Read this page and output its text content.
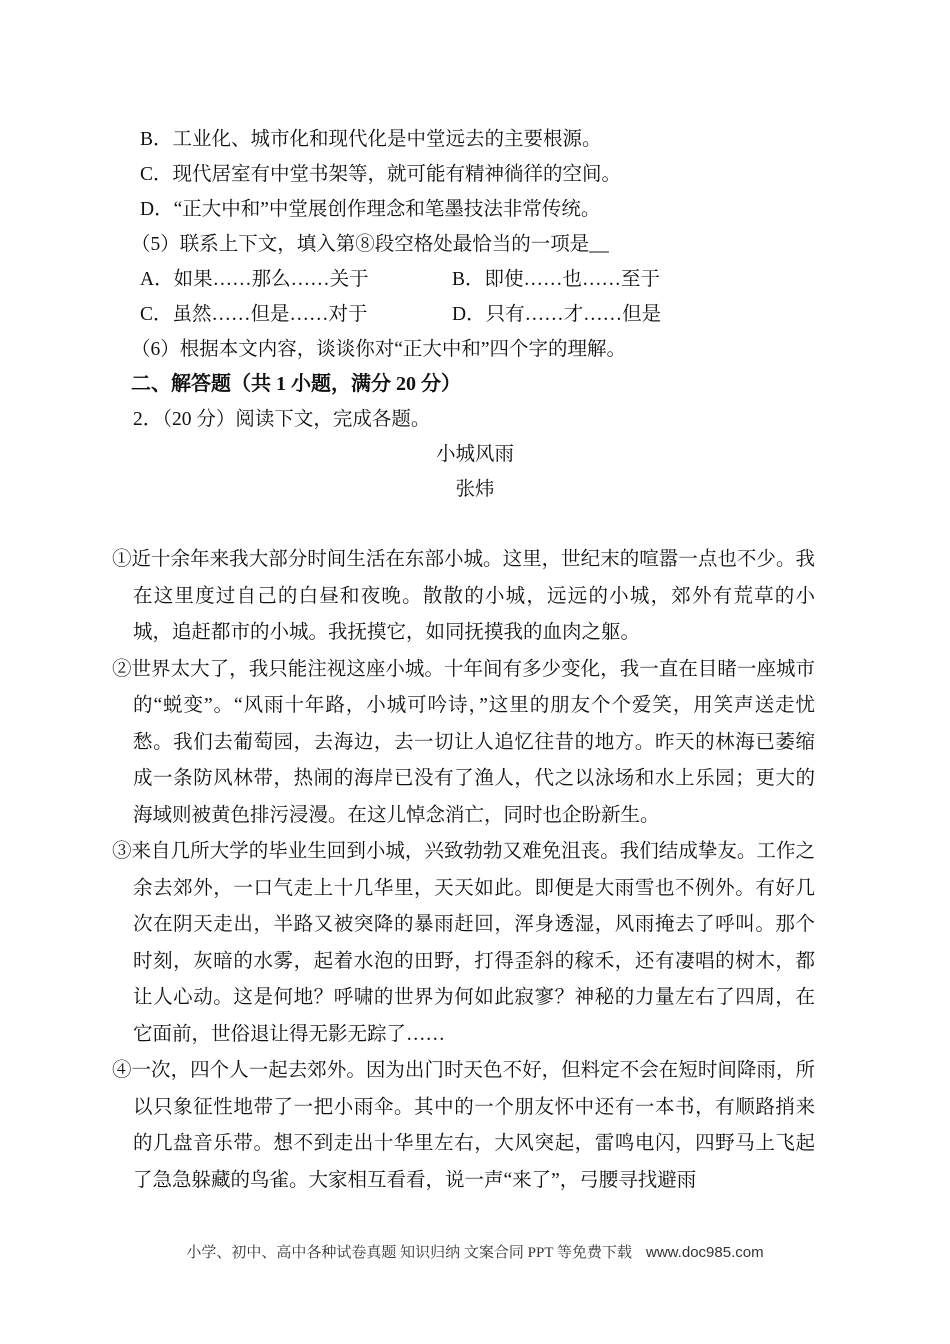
B．工业化、城市化和现代化是中堂远去的主要根源。
C．现代居室有中堂书架等，就可能有精神徜徉的空间。
D．“正大中和”中堂展创作理念和笔墨技法非常传统。
（5）联系上下文，填入第⑧段空格处最恰当的一项是__
A．如果……那么……关于	B．即使……也……至于
C．虽然……但是……对于	D．只有……才……但是
（6）根据本文内容，谈谈你对“正大中和”四个字的理解。
二、解答题（共 1 小题，满分 20 分）
2．（20 分）阅读下文，完成各题。
小城风雨
张炜

①近十余年来我大部分时间生活在东部小城。这里，世纪末的喧嚣一点也不少。我在这里度过自己的白昼和夜晚。散散的小城，远远的小城，郊外有荒草的小城，追赶都市的小城。我抚摸它，如同抚摸我的血肉之躯。

②世界太大了，我只能注视这座小城。十年间有多少变化，我一直在目睹一座城市的“蜕变”。“风雨十年路，小城可吟诗，”这里的朋友个个爱笑，用笑声送走忧愁。我们去葡萄园，去海边，去一切让人追忆往昔的地方。昨天的林海已萎缩成一条防风林带，热闹的海岸已没有了渔人，代之以泳场和水上乐园；更大的海域则被黄色排污浸漫。在这儿悼念消亡，同时也企盼新生。

③来自几所大学的毕业生回到小城，兴致勃勃又难免沮丧。我们结成挚友。工作之余去郊外，一口气走上十几华里，天天如此。即便是大雨雪也不例外。有好几次在阴天走出，半路又被突降的暴雨赶回，浑身透湿，风雨掩去了呼叫。那个时刻，灰暗的水雾，起着水泡的田野，打得歪斜的稼禾，还有凄唱的树木，都让人心动。这是何地？呼啸的世界为何如此寂寥？神秘的力量左右了四周，在它面前，世俗退让得无影无踪了……

④一次，四个人一起去郊外。因为出门时天色不好，但料定不会在短时间降雨，所以只象征性地带了一把小雨伞。其中的一个朋友怀中还有一本书，有顺路捎来的几盘音乐带。想不到走出十华里左右，大风突起，雷鸣电闪，四野马上飞起了急急躲藏的鸟雀。大家相互看看，说一声“来了”，弓腰寻找避雨

小学、初中、高中各种试卷真题 知识归纳 文案合同 PPT 等免费下载 www.doc985.com
